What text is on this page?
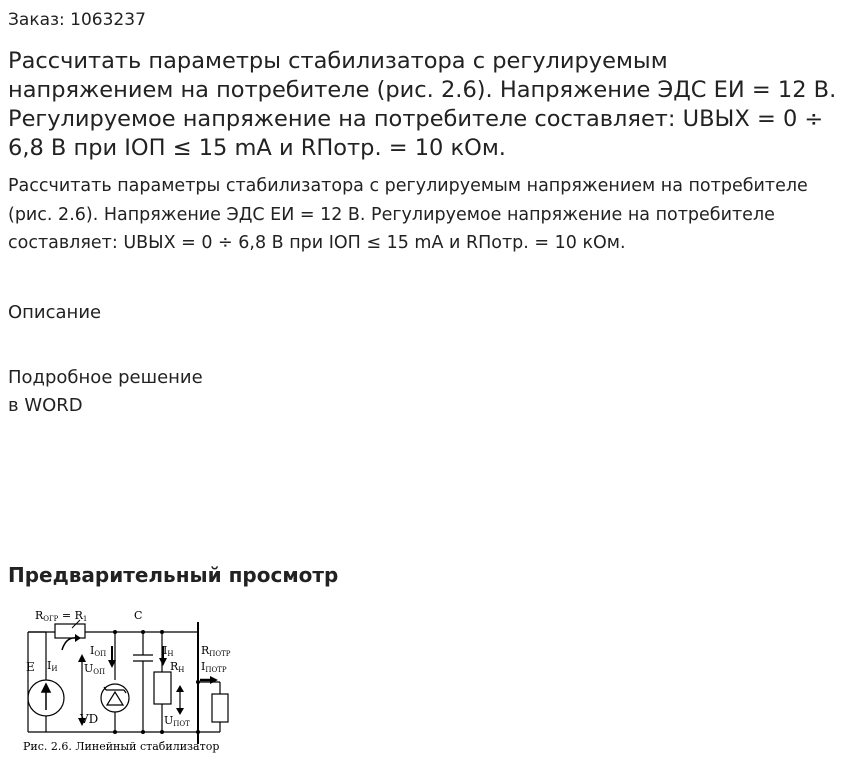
Заказ: 1063237
Рассчитать параметры стабилизатора с регулируемым напряжением на потребителе (рис. 2.6). Напряжение ЭДС ЕИ = 12 В. Регулируемое напряжение на потребителе составляет: UВЫХ = 0 ÷ 6,8 В при IОП ≤ 15 mA и RПотр. = 10 кОм.

Рассчитать параметры стабилизатора с регулируемым напряжением на потребителе (рис. 2.6). Напряжение ЭДС ЕИ = 12 В. Регулируемое напряжение на потребителе составляет: UВЫХ = 0 ÷ 6,8 В при IОП ≤ 15 mA и RПотр. = 10 кОм.

Описание
Подробное решение
в WORD
Предварительный просмотр
RОГР = R1	C
E IИ
IОП
UОП
VD
IН
RН
UПОТ
RПОТР
IПОТР
Рис. 2.6. Линейный стабилизатор
